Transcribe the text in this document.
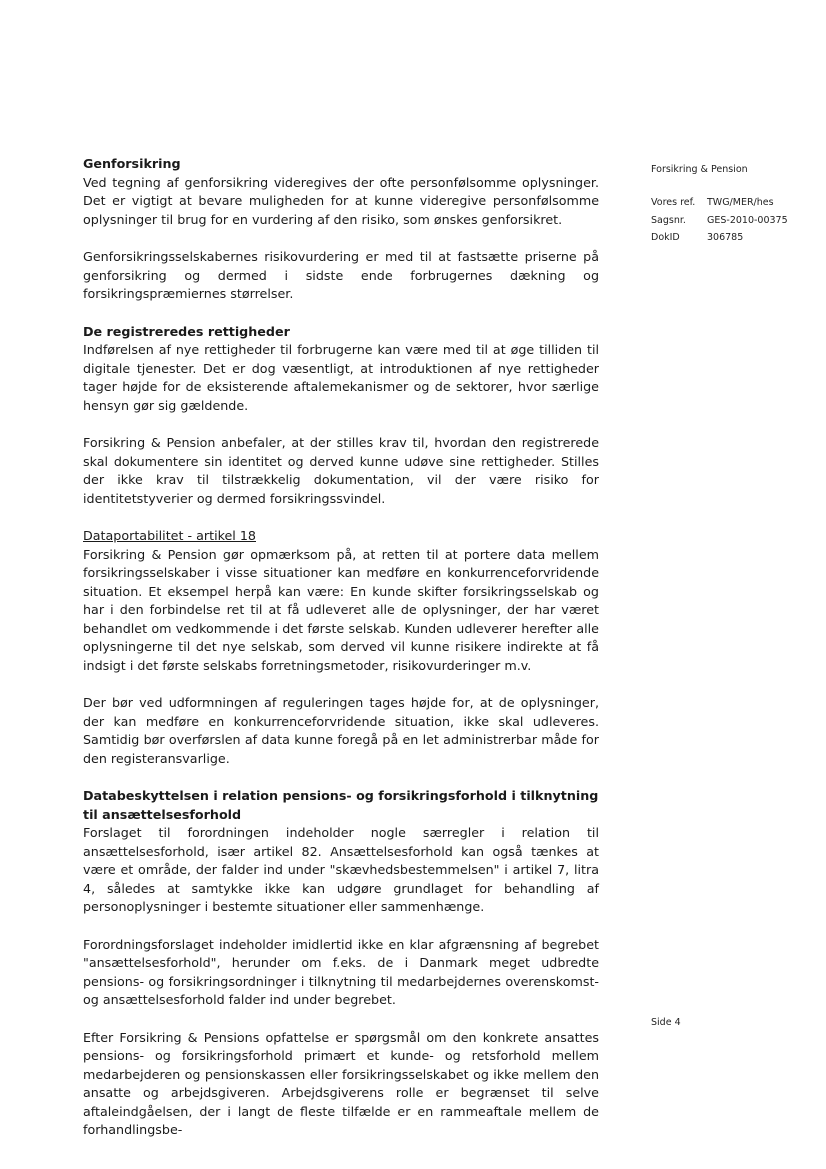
Genforsikring

Ved tegning af genforsikring videregives der ofte personfølsomme oplysninger. Det er vigtigt at bevare muligheden for at kunne videregive personfølsomme oplysninger til brug for en vurdering af den risiko, som ønskes genforsikret.

Genforsikringsselskabernes risikovurdering er med til at fastsætte priserne på genforsikring og dermed i sidste ende forbrugernes dækning og forsikringspræmiernes størrelser.

De registreredes rettigheder

Indførelsen af nye rettigheder til forbrugerne kan være med til at øge tilliden til digitale tjenester. Det er dog væsentligt, at introduktionen af nye rettigheder tager højde for de eksisterende aftalemekanismer og de sektorer, hvor særlige hensyn gør sig gældende.

Forsikring & Pension anbefaler, at der stilles krav til, hvordan den registrerede skal dokumentere sin identitet og derved kunne udøve sine rettigheder. Stilles der ikke krav til tilstrækkelig dokumentation, vil der være risiko for identitetstyverier og dermed forsikringssvindel.

Dataportabilitet - artikel 18

Forsikring & Pension gør opmærksom på, at retten til at portere data mellem forsikringsselskaber i visse situationer kan medføre en konkurrenceforvridende situation. Et eksempel herpå kan være: En kunde skifter forsikringsselskab og har i den forbindelse ret til at få udleveret alle de oplysninger, der har været behandlet om vedkommende i det første selskab. Kunden udleverer herefter alle oplysningerne til det nye selskab, som derved vil kunne risikere indirekte at få indsigt i det første selskabs forretningsmetoder, risikovurderinger m.v.

Der bør ved udformningen af reguleringen tages højde for, at de oplysninger, der kan medføre en konkurrenceforvridende situation, ikke skal udleveres. Samtidig bør overførslen af data kunne foregå på en let administrerbar måde for den registeransvarlige.

Databeskyttelsen i relation pensions- og forsikringsforhold i tilknytning til ansættelsesforhold

Forslaget til forordningen indeholder nogle særregler i relation til ansættelsesforhold, især artikel 82. Ansættelsesforhold kan også tænkes at være et område, der falder ind under "skævhedsbestemmelsen" i artikel 7, litra 4, således at samtykke ikke kan udgøre grundlaget for behandling af personoplysninger i bestemte situationer eller sammenhænge.

Forordningsforslaget indeholder imidlertid ikke en klar afgrænsning af begrebet "ansættelsesforhold", herunder om f.eks. de i Danmark meget udbredte pensions- og forsikringsordninger i tilknytning til medarbejdernes overenskomst- og ansættelsesforhold falder ind under begrebet.

Efter Forsikring & Pensions opfattelse er spørgsmål om den konkrete ansattes pensions- og forsikringsforhold primært et kunde- og retsforhold mellem medarbejderen og pensionskassen eller forsikringsselskabet og ikke mellem den ansatte og arbejdsgiveren. Arbejdsgiverens rolle er begrænset til selve aftaleindgåelsen, der i langt de fleste tilfælde er en rammeaftale mellem de forhandlingsbe-

Forsikring & Pension
Vores ref.	TWG/MER/hes
Sagsnr.	GES-2010-00375
DokID	306785
Side 4
